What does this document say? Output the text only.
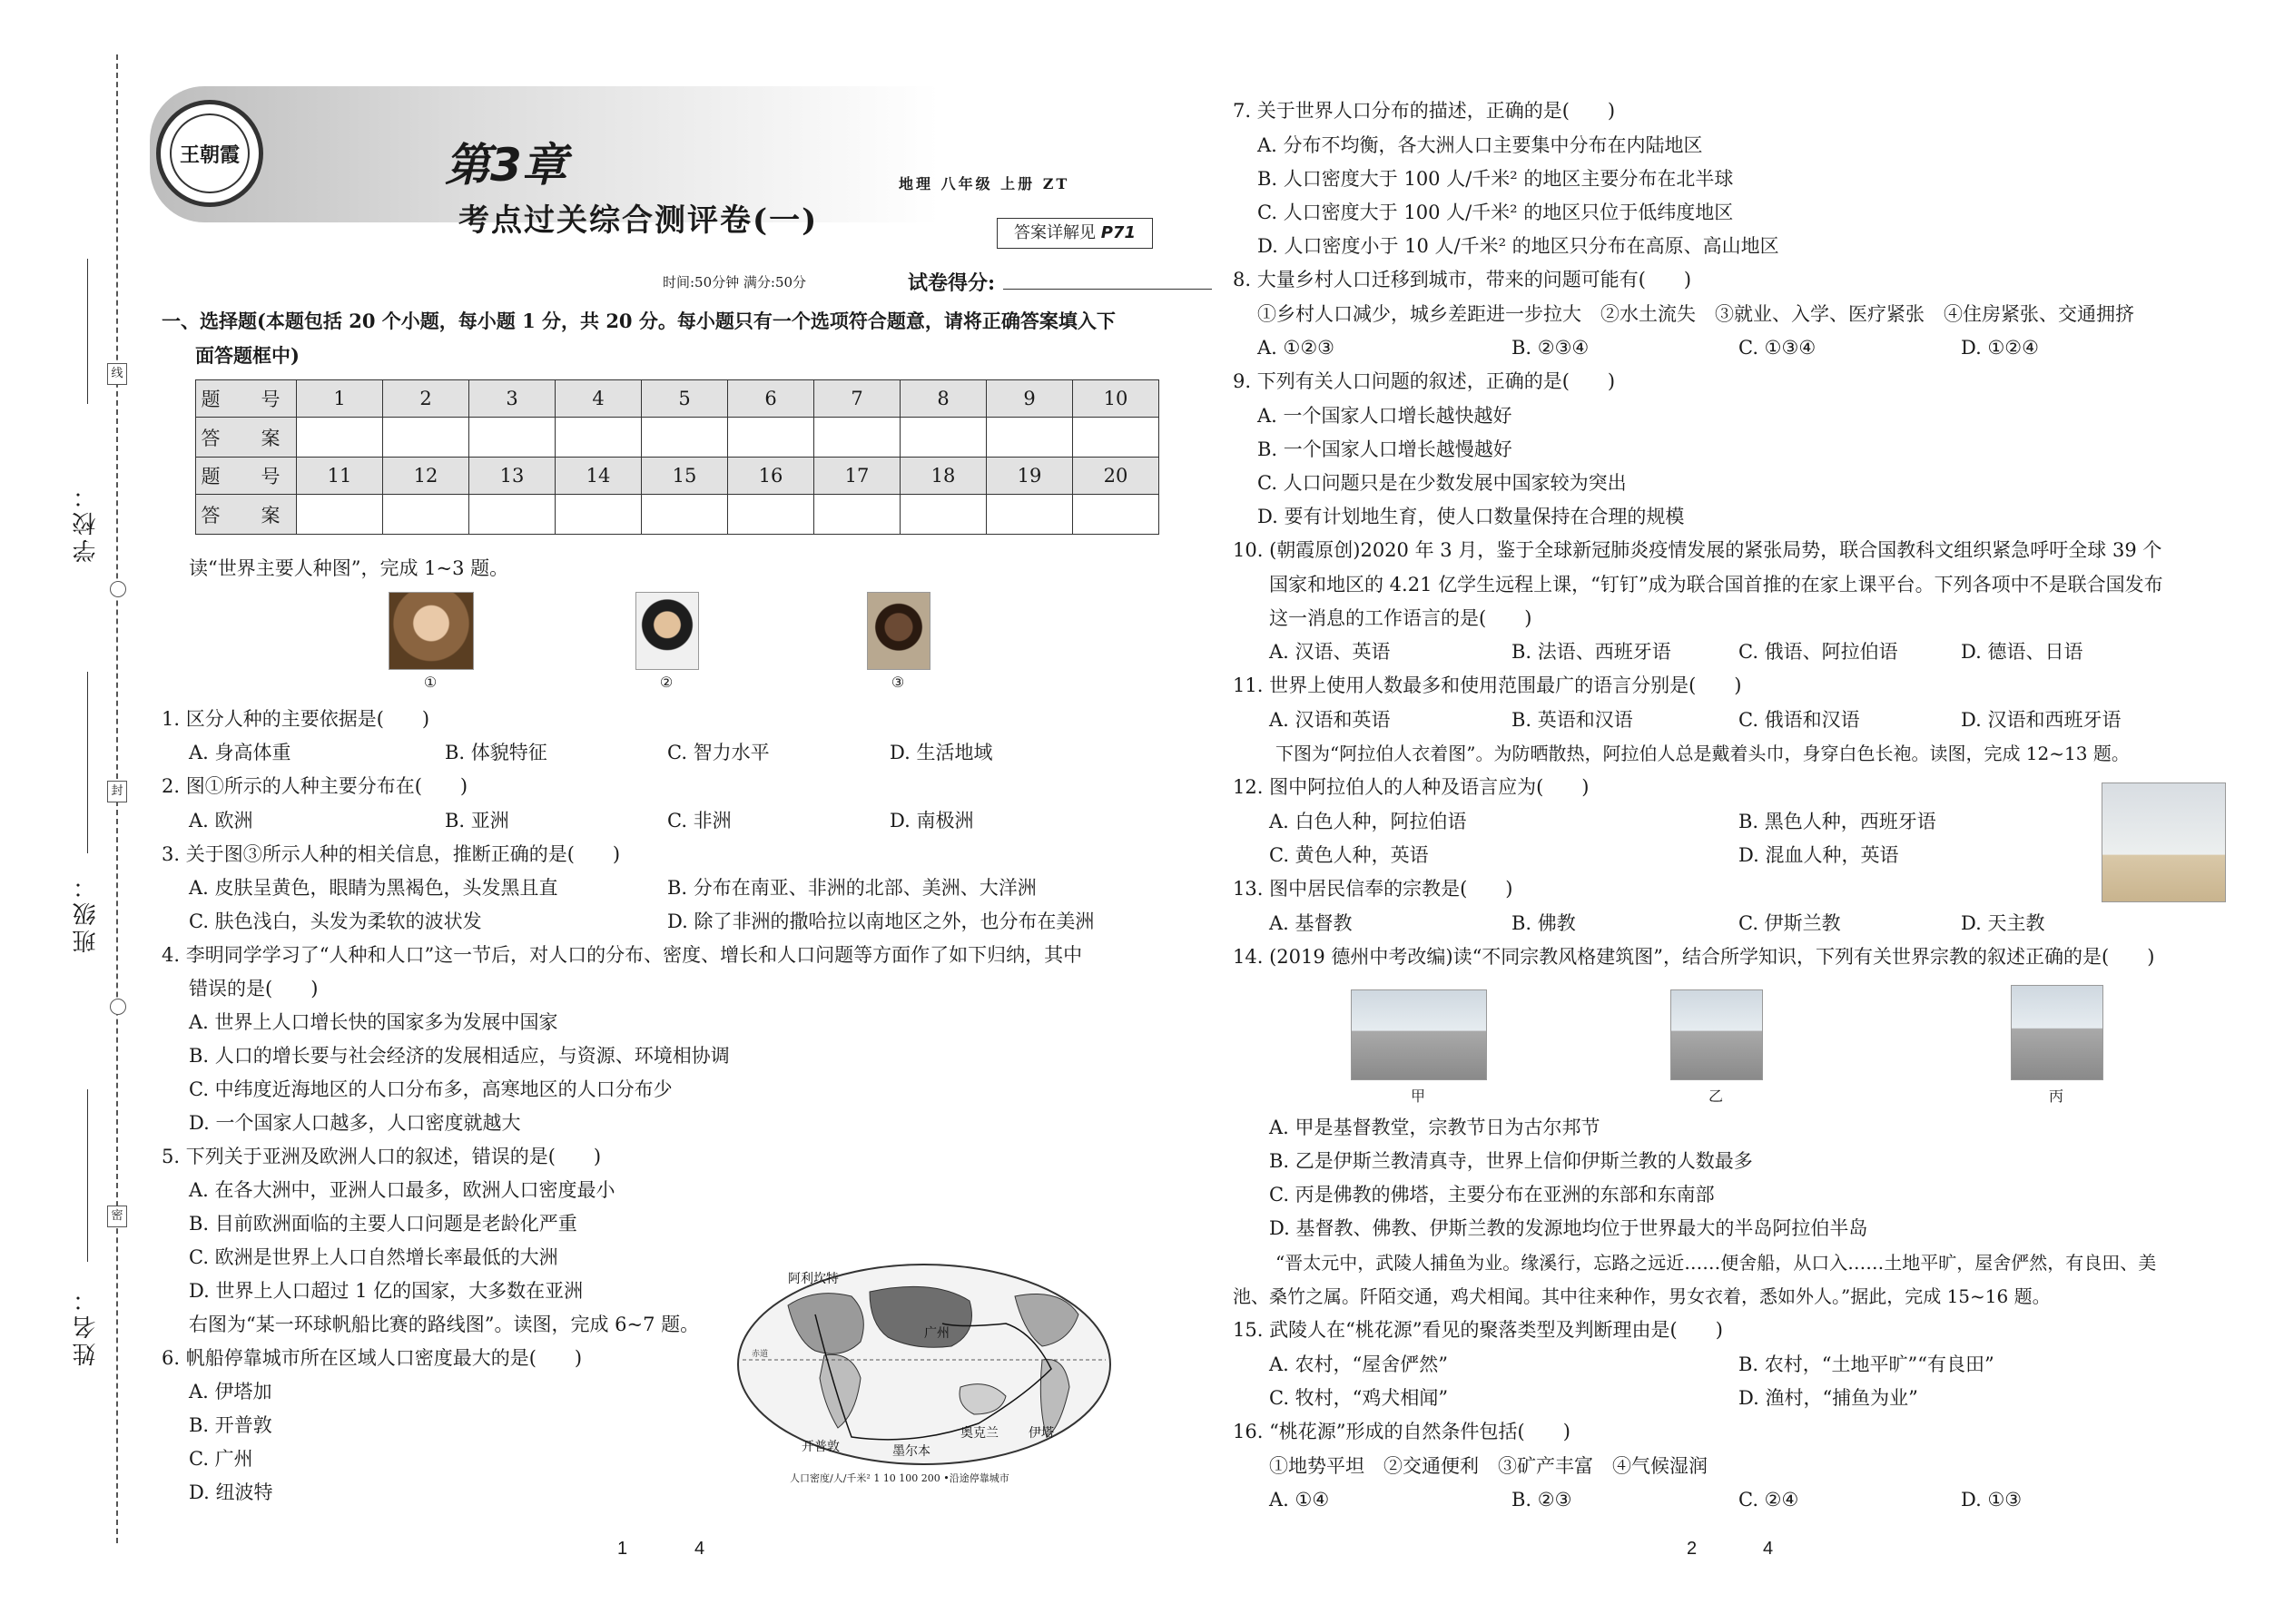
学校：
班级：
姓名：
线
封
密
王朝霞	第3章
考点过关综合测评卷(一)
地理 八年级 上册 ZT
答案详解见 P71
时间:50分钟 满分:50分	试卷得分:
一、选择题(本题包括 20 个小题，每小题 1 分，共 20 分。每小题只有一个选项符合题意，请将正确答案填入下
面答题框中)
题　号	1	2	3	4	5	6	7	8	9	10
答　案										
题　号	11	12	13	14	15	16	17	18	19	20
答　案										
读“世界主要人种图”，完成 1~3 题。
①	②	③
1. 区分人种的主要依据是(　　)
A. 身高体重	B. 体貌特征	C. 智力水平	D. 生活地域
2. 图①所示的人种主要分布在(　　)
A. 欧洲	B. 亚洲	C. 非洲	D. 南极洲
3. 关于图③所示人种的相关信息，推断正确的是(　　)
A. 皮肤呈黄色，眼睛为黑褐色，头发黑且直	B. 分布在南亚、非洲的北部、美洲、大洋洲
C. 肤色浅白，头发为柔软的波状发	D. 除了非洲的撒哈拉以南地区之外，也分布在美洲
4. 李明同学学习了“人种和人口”这一节后，对人口的分布、密度、增长和人口问题等方面作了如下归纳，其中
错误的是(　　)
A. 世界上人口增长快的国家多为发展中国家
B. 人口的增长要与社会经济的发展相适应，与资源、环境相协调
C. 中纬度近海地区的人口分布多，高寒地区的人口分布少
D. 一个国家人口越多，人口密度就越大
5. 下列关于亚洲及欧洲人口的叙述，错误的是(　　)
A. 在各大洲中，亚洲人口最多，欧洲人口密度最小
B. 目前欧洲面临的主要人口问题是老龄化严重
C. 欧洲是世界上人口自然增长率最低的大洲
D. 世界上人口超过 1 亿的国家，大多数在亚洲
右图为“某一环球帆船比赛的路线图”。读图，完成 6~7 题。
6. 帆船停靠城市所在区域人口密度最大的是(　　)
A. 伊塔加
B. 开普敦
C. 广州
D. 纽波特
阿利坎特
广州
开普敦	墨尔本
奥克兰 伊塔
赤道
人口密度/人/千米² 1 10 100 200 •沿途停靠城市
1	4
7. 关于世界人口分布的描述，正确的是(　　)
A. 分布不均衡，各大洲人口主要集中分布在内陆地区
B. 人口密度大于 100 人/千米² 的地区主要分布在北半球
C. 人口密度大于 100 人/千米² 的地区只位于低纬度地区
D. 人口密度小于 10 人/千米² 的地区只分布在高原、高山地区
8. 大量乡村人口迁移到城市，带来的问题可能有(　　)
①乡村人口减少，城乡差距进一步拉大　②水土流失　③就业、入学、医疗紧张　④住房紧张、交通拥挤
A. ①②③	B. ②③④	C. ①③④	D. ①②④
9. 下列有关人口问题的叙述，正确的是(　　)
A. 一个国家人口增长越快越好
B. 一个国家人口增长越慢越好
C. 人口问题只是在少数发展中国家较为突出
D. 要有计划地生育，使人口数量保持在合理的规模
10. (朝霞原创)2020 年 3 月，鉴于全球新冠肺炎疫情发展的紧张局势，联合国教科文组织紧急呼吁全球 39 个
国家和地区的 4.21 亿学生远程上课，“钉钉”成为联合国首推的在家上课平台。下列各项中不是联合国发布
这一消息的工作语言的是(　　)
A. 汉语、英语	B. 法语、西班牙语	C. 俄语、阿拉伯语	D. 德语、日语
11. 世界上使用人数最多和使用范围最广的语言分别是(　　)
A. 汉语和英语	B. 英语和汉语	C. 俄语和汉语	D. 汉语和西班牙语
下图为“阿拉伯人衣着图”。为防晒散热，阿拉伯人总是戴着头巾，身穿白色长袍。读图，完成 12~13 题。
12. 图中阿拉伯人的人种及语言应为(　　)
A. 白色人种，阿拉伯语	B. 黑色人种，西班牙语
C. 黄色人种，英语	D. 混血人种，英语
13. 图中居民信奉的宗教是(　　)
A. 基督教	B. 佛教	C. 伊斯兰教	D. 天主教
14. (2019 德州中考改编)读“不同宗教风格建筑图”，结合所学知识，下列有关世界宗教的叙述正确的是(　　)
甲	乙	丙
A. 甲是基督教堂，宗教节日为古尔邦节
B. 乙是伊斯兰教清真寺，世界上信仰伊斯兰教的人数最多
C. 丙是佛教的佛塔，主要分布在亚洲的东部和东南部
D. 基督教、佛教、伊斯兰教的发源地均位于世界最大的半岛阿拉伯半岛
“晋太元中，武陵人捕鱼为业。缘溪行，忘路之远近……便舍船，从口入……土地平旷，屋舍俨然，有良田、美
池、桑竹之属。阡陌交通，鸡犬相闻。其中往来种作，男女衣着，悉如外人。”据此，完成 15~16 题。
15. 武陵人在“桃花源”看见的聚落类型及判断理由是(　　)
A. 农村，“屋舍俨然”	B. 农村，“土地平旷”“有良田”
C. 牧村，“鸡犬相闻”	D. 渔村，“捕鱼为业”
16. “桃花源”形成的自然条件包括(　　)
①地势平坦　②交通便利　③矿产丰富　④气候湿润
A. ①④	B. ②③	C. ②④	D. ①③
2	4
